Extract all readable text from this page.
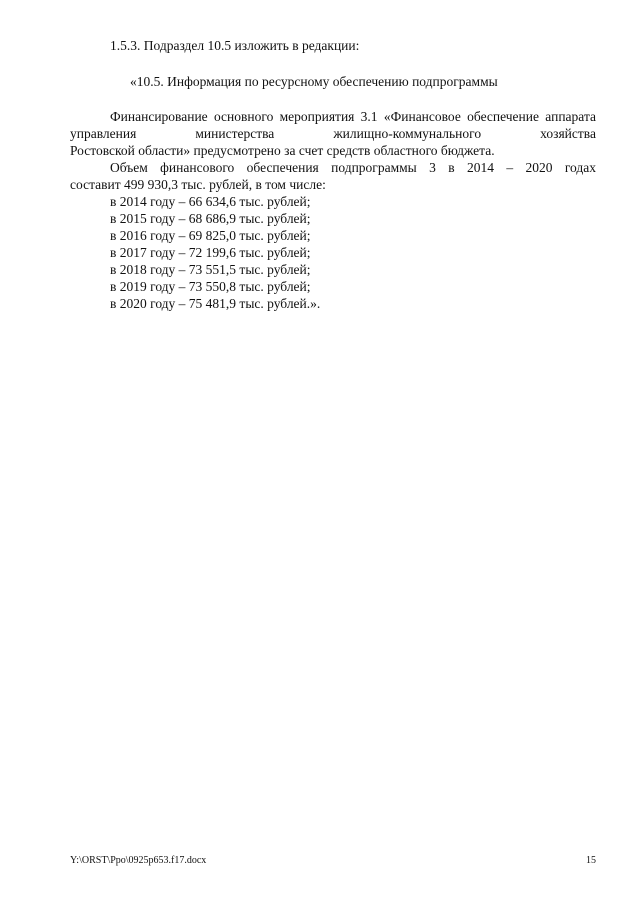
1.5.3. Подраздел 10.5 изложить в редакции:
«10.5. Информация по ресурсному обеспечению подпрограммы

Финансирование основного мероприятия 3.1 «Финансовое обеспечение аппарата управления министерства жилищно-коммунального хозяйства

Ростовской области» предусмотрено за счет средств областного бюджета.

Объем финансового обеспечения подпрограммы 3 в 2014 – 2020 годах

составит 499 930,3 тыс. рублей, в том числе:

в 2014 году – 66 634,6 тыс. рублей;
в 2015 году – 68 686,9 тыс. рублей;
в 2016 году – 69 825,0 тыс. рублей;
в 2017 году – 72 199,6 тыс. рублей;
в 2018 году – 73 551,5 тыс. рублей;
в 2019 году – 73 550,8 тыс. рублей;
в 2020 году – 75 481,9 тыс. рублей.».
Y:\ORST\Ppo\0925p653.f17.docx	15
